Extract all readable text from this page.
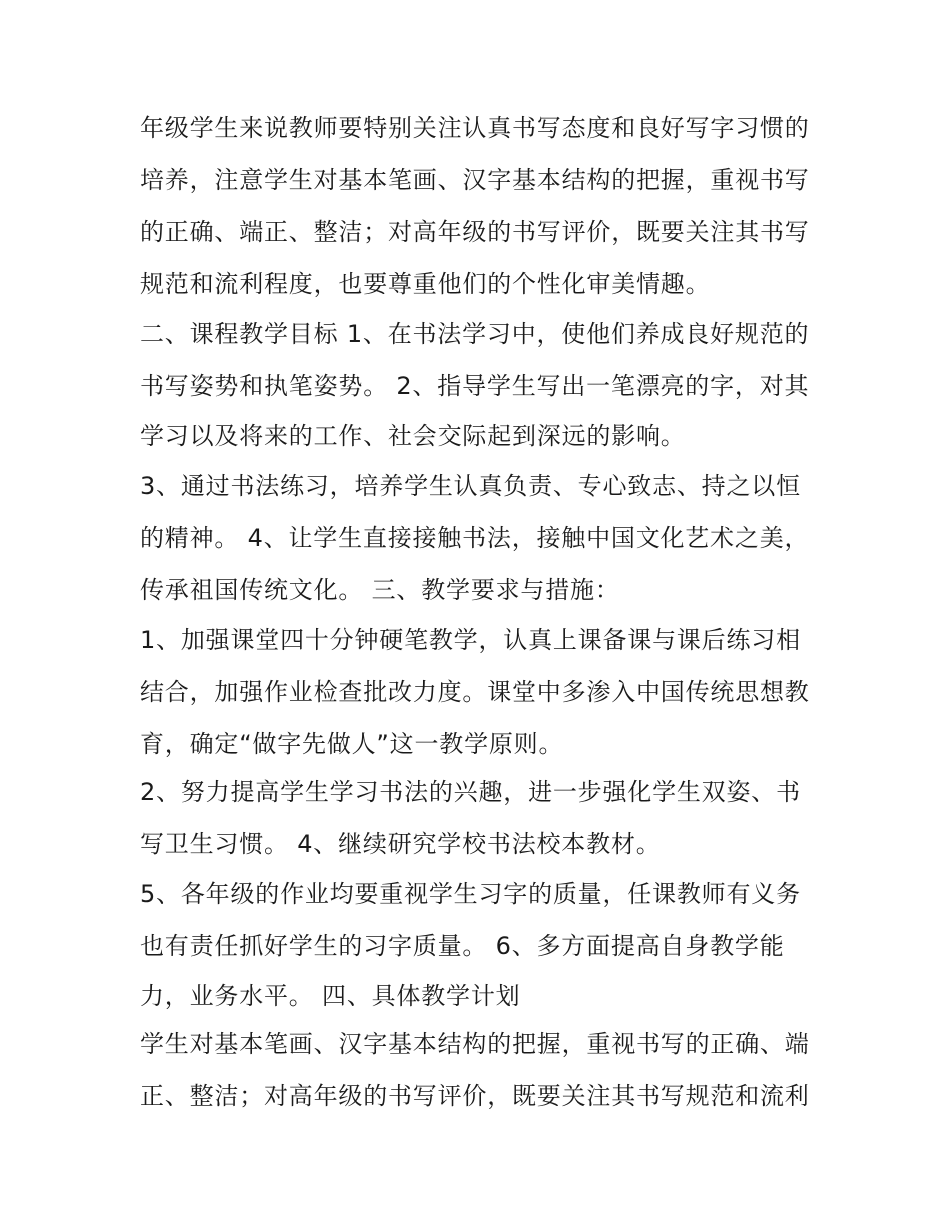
年级学生来说教师要特别关注认真书写态度和良好写字习惯的
培养，注意学生对基本笔画、汉字基本结构的把握，重视书写
的正确、端正、整洁；对高年级的书写评价，既要关注其书写
规范和流利程度，也要尊重他们的个性化审美情趣。
二、课程教学目标 1、在书法学习中，使他们养成良好规范的
书写姿势和执笔姿势。 2、指导学生写出一笔漂亮的字，对其
学习以及将来的工作、社会交际起到深远的影响。
3、通过书法练习，培养学生认真负责、专心致志、持之以恒
的精神。 4、让学生直接接触书法，接触中国文化艺术之美，
传承祖国传统文化。 三、教学要求与措施：
1、加强课堂四十分钟硬笔教学，认真上课备课与课后练习相
结合，加强作业检查批改力度。课堂中多渗入中国传统思想教
育，确定“做字先做人”这一教学原则。
2、努力提高学生学习书法的兴趣，进一步强化学生双姿、书
写卫生习惯。 4、继续研究学校书法校本教材。
5、各年级的作业均要重视学生习字的质量，任课教师有义务
也有责任抓好学生的习字质量。 6、多方面提高自身教学能
力，业务水平。 四、具体教学计划
学生对基本笔画、汉字基本结构的把握，重视书写的正确、端
正、整洁；对高年级的书写评价，既要关注其书写规范和流利
